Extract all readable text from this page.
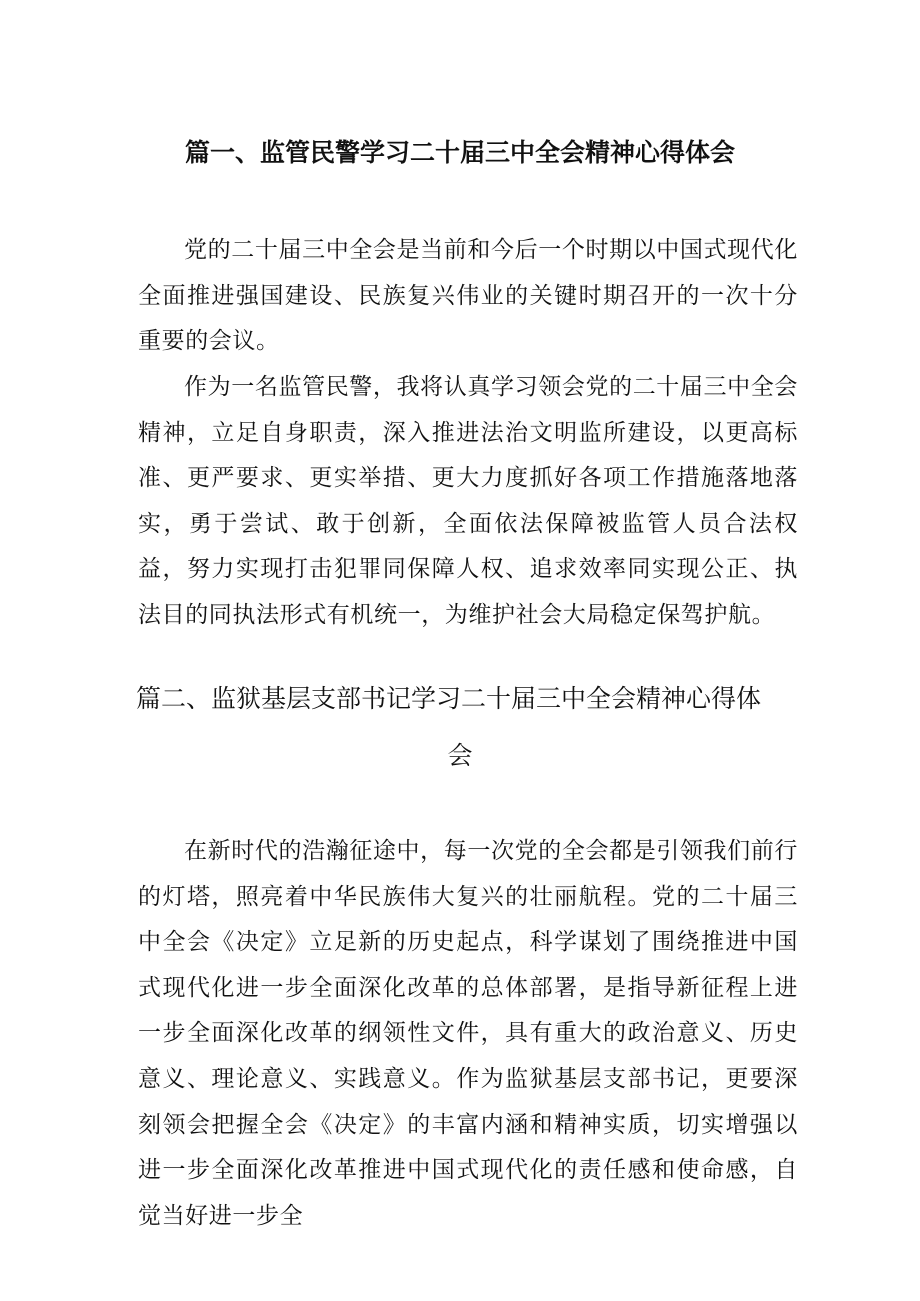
篇一、监管民警学习二十届三中全会精神心得体会

党的二十届三中全会是当前和今后一个时期以中国式现代化全面推进强国建设、民族复兴伟业的关键时期召开的一次十分重要的会议。

作为一名监管民警，我将认真学习领会党的二十届三中全会精神，立足自身职责，深入推进法治文明监所建设，以更高标准、更严要求、更实举措、更大力度抓好各项工作措施落地落实，勇于尝试、敢于创新，全面依法保障被监管人员合法权益，努力实现打击犯罪同保障人权、追求效率同实现公正、执法目的同执法形式有机统一，为维护社会大局稳定保驾护航。

篇二、监狱基层支部书记学习二十届三中全会精神心得体
会

在新时代的浩瀚征途中，每一次党的全会都是引领我们前行的灯塔，照亮着中华民族伟大复兴的壮丽航程。党的二十届三中全会《决定》立足新的历史起点，科学谋划了围绕推进中国式现代化进一步全面深化改革的总体部署，是指导新征程上进一步全面深化改革的纲领性文件，具有重大的政治意义、历史意义、理论意义、实践意义。作为监狱基层支部书记，更要深刻领会把握全会《决定》的丰富内涵和精神实质，切实增强以进一步全面深化改革推进中国式现代化的责任感和使命感，自觉当好进一步全
